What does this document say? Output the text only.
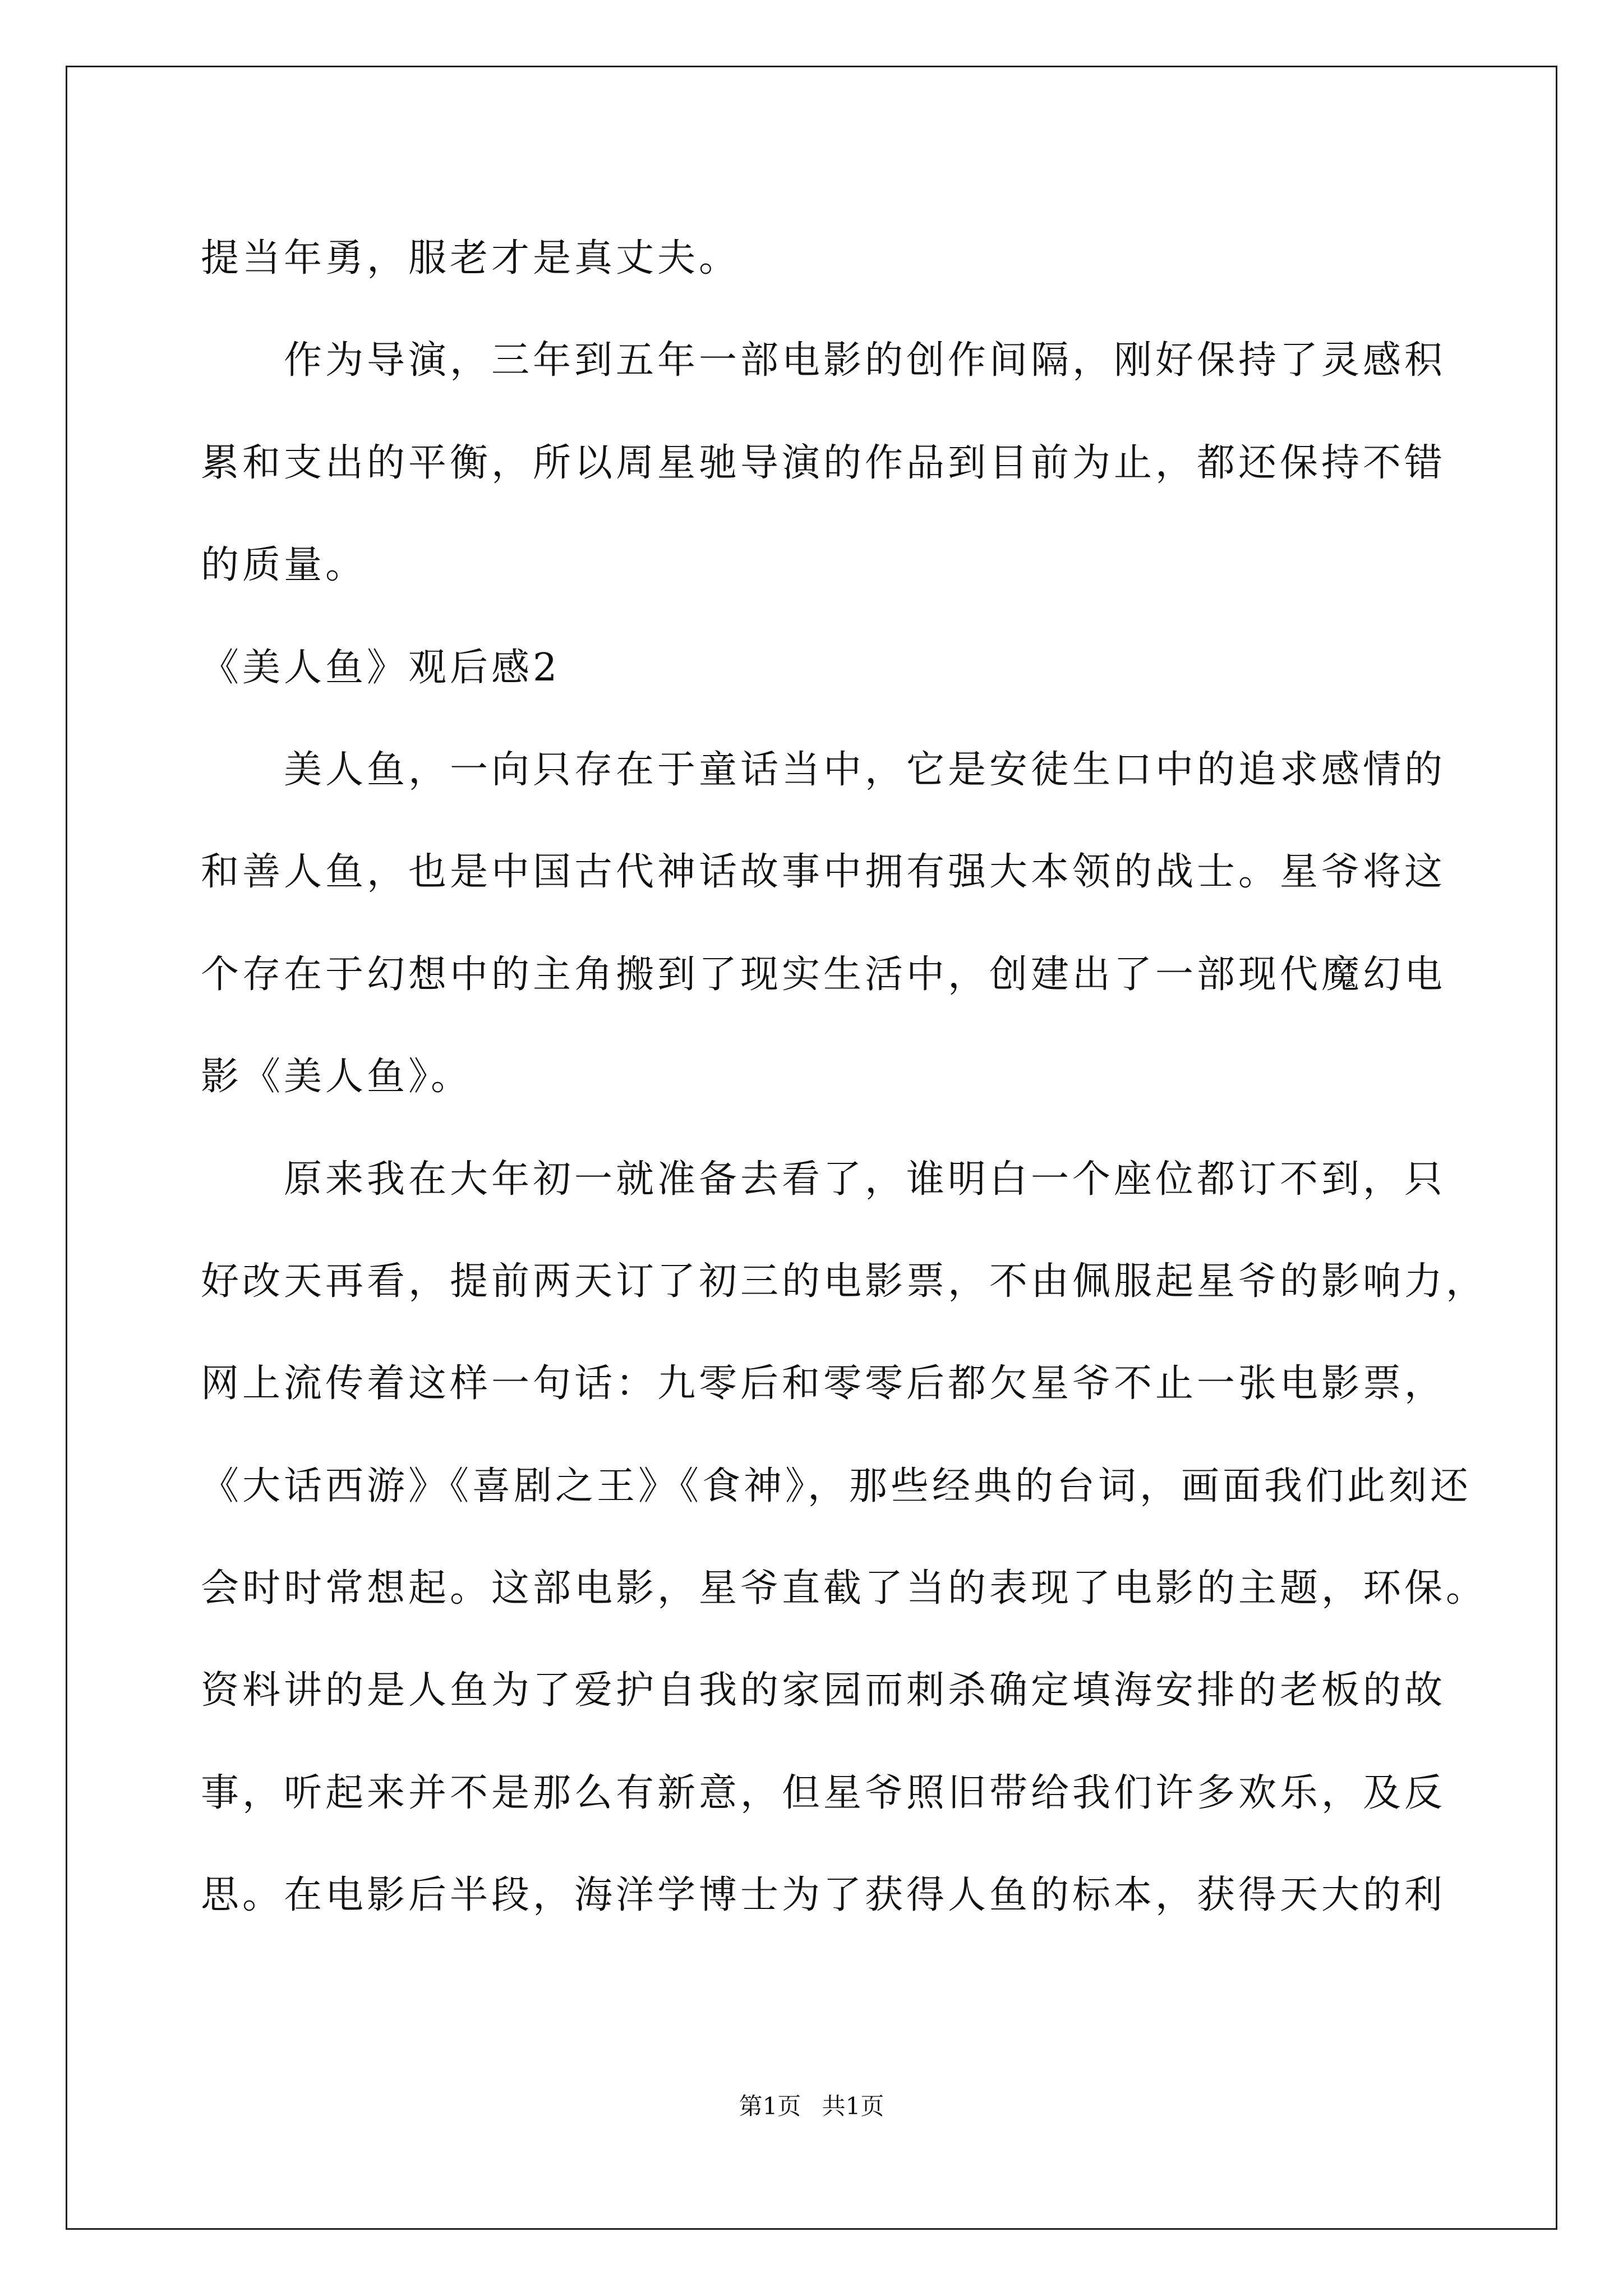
提当年勇，服老才是真丈夫。
作为导演，三年到五年一部电影的创作间隔，刚好保持了灵感积
累和支出的平衡，所以周星驰导演的作品到目前为止，都还保持不错
的质量。
《美人鱼》观后感2
美人鱼，一向只存在于童话当中，它是安徒生口中的追求感情的
和善人鱼，也是中国古代神话故事中拥有强大本领的战士。星爷将这
个存在于幻想中的主角搬到了现实生活中，创建出了一部现代魔幻电
影《美人鱼》。
原来我在大年初一就准备去看了，谁明白一个座位都订不到，只
好改天再看，提前两天订了初三的电影票，不由佩服起星爷的影响力，
网上流传着这样一句话：九零后和零零后都欠星爷不止一张电影票，
《大话西游》《喜剧之王》《食神》，那些经典的台词，画面我们此刻还
会时时常想起。这部电影，星爷直截了当的表现了电影的主题，环保。
资料讲的是人鱼为了爱护自我的家园而刺杀确定填海安排的老板的故
事，听起来并不是那么有新意，但星爷照旧带给我们许多欢乐，及反
思。在电影后半段，海洋学博士为了获得人鱼的标本，获得天大的利
第1页 共1页
